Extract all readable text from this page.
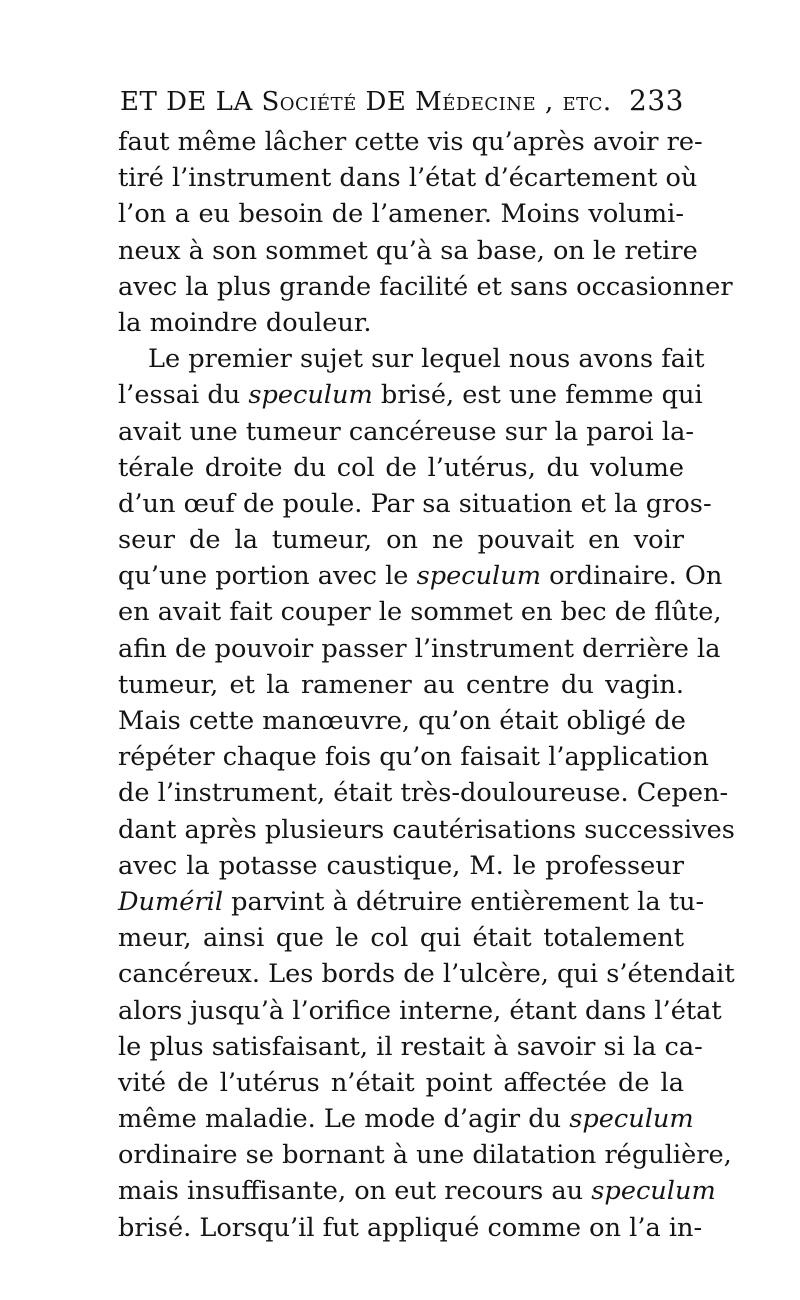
ET DE LA Société DE Médecine , etc. 233
faut même lâcher cette vis qu’après avoir re-
tiré l’instrument dans l’état d’écartement où
l’on a eu besoin de l’amener. Moins volumi-
neux à son sommet qu’à sa base, on le retire
avec la plus grande facilité et sans occasionner
la moindre douleur.
Le premier sujet sur lequel nous avons fait
l’essai du speculum brisé, est une femme qui
avait une tumeur cancéreuse sur la paroi la-
térale droite du col de l’utérus, du volume
d’un œuf de poule. Par sa situation et la gros-
seur de la tumeur, on ne pouvait en voir
qu’une portion avec le speculum ordinaire. On
en avait fait couper le sommet en bec de flûte,
afin de pouvoir passer l’instrument derrière la
tumeur, et la ramener au centre du vagin.
Mais cette manœuvre, qu’on était obligé de
répéter chaque fois qu’on faisait l’application
de l’instrument, était très-douloureuse. Cepen-
dant après plusieurs cautérisations successives
avec la potasse caustique, M. le professeur
Duméril parvint à détruire entièrement la tu-
meur, ainsi que le col qui était totalement
cancéreux. Les bords de l’ulcère, qui s’étendait
alors jusqu’à l’orifice interne, étant dans l’état
le plus satisfaisant, il restait à savoir si la ca-
vité de l’utérus n’était point affectée de la
même maladie. Le mode d’agir du speculum
ordinaire se bornant à une dilatation régulière,
mais insuffisante, on eut recours au speculum
brisé. Lorsqu’il fut appliqué comme on l’a in-
